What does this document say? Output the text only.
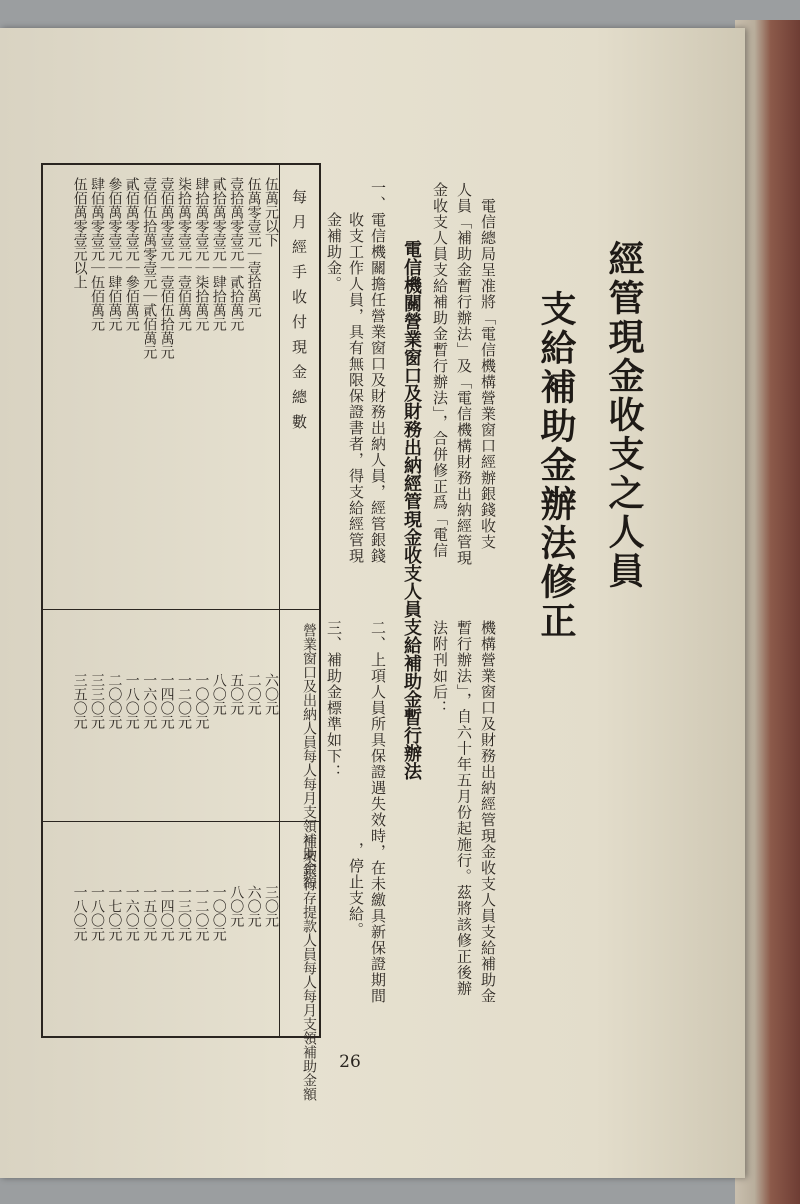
經管現金收支之人員
支給補助金辦法修正
電信總局呈准將「電信機構營業窗口經辦銀錢收支
人員「補助金暫行辦法」及「電信機構財務出納經管現
金收支人員支給補助金暫行辦法」，合併修正爲「電信
機構營業窗口及財務出納經管現金收支人員支給補助金
暫行辦法」，自六十年五月份起施行。茲將該修正後辦
法附刊如后：
電信機關營業窗口及財務出納經管現金收支人員支給補助金暫行辦法
一、電信機關擔任營業窗口及財務出納人員，經管銀錢
收支工作人員，具有無限保證書者，得支給經管現
金補助金。
二、上項人員所具保證遇失效時，在未繳具新保證期間
，停止支給。
三、補助金標準如下：
每月經手收付現金總數
營業窗口及出納人員每人每月支領補助金額
往來銀行存提款人員每人每月支領補助金額
伍萬元以下
六〇元
三〇元
伍萬零壹元｜壹拾萬元
二〇元
六〇元
壹拾萬零壹元｜貳拾萬元
五〇元
八〇元
貳拾萬零壹元｜肆拾萬元
八〇元
一〇〇元
肆拾萬零壹元｜柒拾萬元
一〇〇元
一二〇元
柒拾萬零壹元｜壹佰萬元
一二〇元
一三〇元
壹佰萬零壹元｜壹佰伍拾萬元
一四〇元
一四〇元
壹佰伍拾萬零壹元｜貳佰萬元
一六〇元
一五〇元
貳佰萬零壹元｜參佰萬元
一八〇元
一六〇元
參佰萬零壹元｜肆佰萬元
二〇〇元
一七〇元
肆佰萬零壹元｜伍佰萬元
三三〇元
一八〇元
伍佰萬零壹元以上
三五〇元
一八〇元
26
